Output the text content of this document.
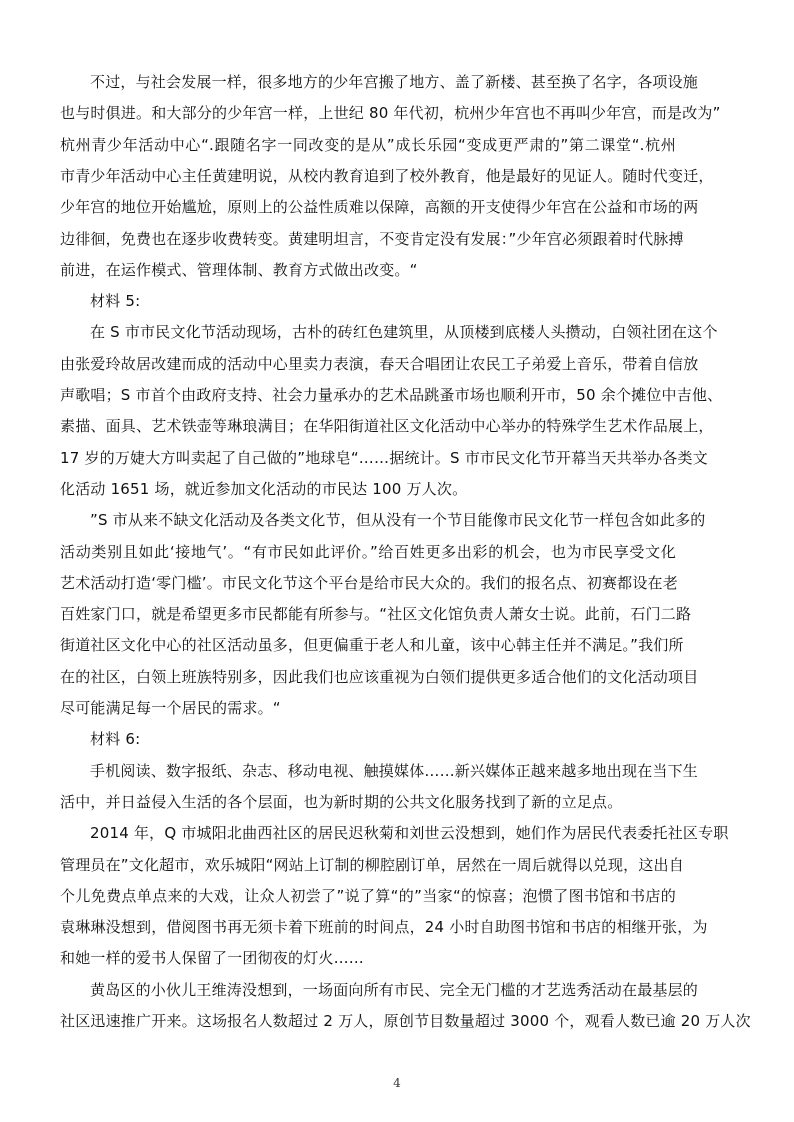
不过，与社会发展一样，很多地方的少年宫搬了地方、盖了新楼、甚至换了名字，各项设施
也与时俱进。和大部分的少年宫一样，上世纪 80 年代初，杭州少年宫也不再叫少年宫，而是改为”
杭州青少年活动中心“.跟随名字一同改变的是从”成长乐园“变成更严肃的”第二课堂“.杭州
市青少年活动中心主任黄建明说，从校内教育追到了校外教育，他是最好的见证人。随时代变迁，
少年宫的地位开始尴尬，原则上的公益性质难以保障，高额的开支使得少年宫在公益和市场的两
边徘徊，免费也在逐步收费转变。黄建明坦言，不变肯定没有发展：”少年宫必须跟着时代脉搏
前进，在运作模式、管理体制、教育方式做出改变。“
材料 5:
在 S 市市民文化节活动现场，古朴的砖红色建筑里，从顶楼到底楼人头攒动，白领社团在这个
由张爱玲故居改建而成的活动中心里卖力表演，春天合唱团让农民工子弟爱上音乐，带着自信放
声歌唱；S 市首个由政府支持、社会力量承办的艺术品跳蚤市场也顺利开市，50 余个摊位中吉他、
素描、面具、艺术铁壶等琳琅满目；在华阳街道社区文化活动中心举办的特殊学生艺术作品展上，
17 岁的万婕大方叫卖起了自己做的”地球皂“……据统计。S 市市民文化节开幕当天共举办各类文
化活动 1651 场，就近参加文化活动的市民达 100 万人次。
”S 市从来不缺文化活动及各类文化节，但从没有一个节目能像市民文化节一样包含如此多的
活动类别且如此‘接地气’。“有市民如此评价。”给百姓更多出彩的机会，也为市民享受文化
艺术活动打造‘零门槛’。市民文化节这个平台是给市民大众的。我们的报名点、初赛都设在老
百姓家门口，就是希望更多市民都能有所参与。“社区文化馆负责人萧女士说。此前，石门二路
街道社区文化中心的社区活动虽多，但更偏重于老人和儿童，该中心韩主任并不满足。”我们所
在的社区，白领上班族特别多，因此我们也应该重视为白领们提供更多适合他们的文化活动项目
尽可能满足每一个居民的需求。“
材料 6:
手机阅读、数字报纸、杂志、移动电视、触摸媒体……新兴媒体正越来越多地出现在当下生
活中，并日益侵入生活的各个层面，也为新时期的公共文化服务找到了新的立足点。
2014 年，Q 市城阳北曲西社区的居民迟秋菊和刘世云没想到，她们作为居民代表委托社区专职
管理员在”文化超市，欢乐城阳“网站上订制的柳腔剧订单，居然在一周后就得以兑现，这出自
个儿免费点单点来的大戏，让众人初尝了”说了算“的”当家“的惊喜；泡惯了图书馆和书店的
袁琳琳没想到，借阅图书再无须卡着下班前的时间点，24 小时自助图书馆和书店的相继开张，为
和她一样的爱书人保留了一团彻夜的灯火……
黄岛区的小伙儿王维涛没想到，一场面向所有市民、完全无门槛的才艺选秀活动在最基层的
社区迅速推广开来。这场报名人数超过 2 万人，原创节目数量超过 3000 个，观看人数已逾 20 万人次
4
